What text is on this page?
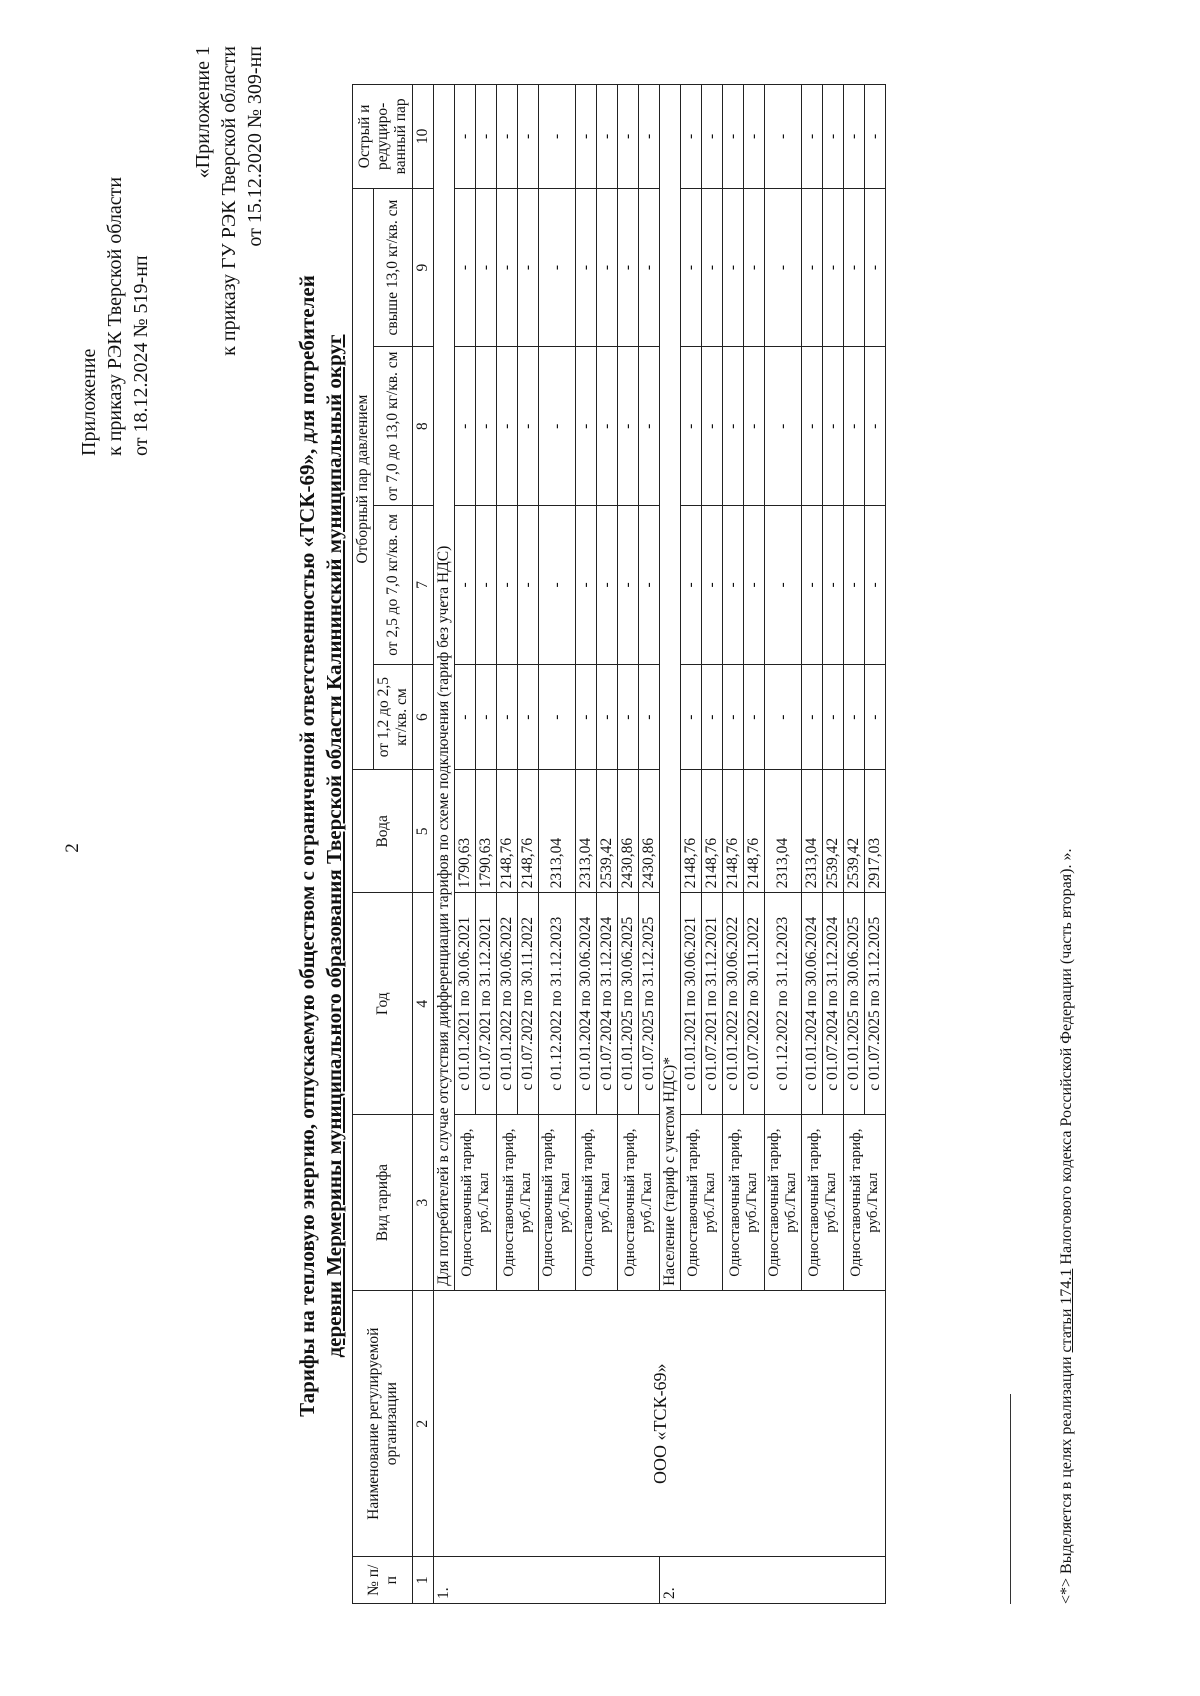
2
Приложение к приказу РЭК Тверской области от 18.12.2024 № 519-нп
«Приложение 1 к приказу ГУ РЭК Тверской области от 15.12.2020 № 309-нп
Тарифы на тепловую энергию, отпускаемую обществом с ограниченной ответственностью «ТСК-69», для потребителей деревни Мермерины муниципального образования Тверской области Калининский муниципальный округ
№ п/ п	Наименование регулируемой организации	Вид тарифа	Год	Вода	Отборный пар давлением				Острый и редуциро-ванный пар
					от 1,2 до 2,5 кг/кв. см	от 2,5 до 7,0 кг/кв. см	от 7,0 до 13,0 кг/кв. см	свыше 13,0 кг/кв. см	
1	2	3	4	5	6	7	8	9	10
1.	ООО «ТСК-69»	Для потребителей в случае отсутствия дифференциации тарифов по схеме подключения (тариф без учета НДС)							
		Одноставочный тариф, руб./Гкал	с 01.01.2021 по 30.06.2021	1790,63	-	-	-	-	-
			с 01.07.2021 по 31.12.2021	1790,63	-	-	-	-	-
		Одноставочный тариф, руб./Гкал	с 01.01.2022 по 30.06.2022	2148,76	-	-	-	-	-
			с 01.07.2022 по 30.11.2022	2148,76	-	-	-	-	-
		Одноставочный тариф, руб./Гкал	с 01.12.2022 по 31.12.2023	2313,04	-	-	-	-	-
		Одноставочный тариф, руб./Гкал	с 01.01.2024 по 30.06.2024	2313,04	-	-	-	-	-
			с 01.07.2024 по 31.12.2024	2539,42	-	-	-	-	-
		Одноставочный тариф, руб./Гкал	с 01.01.2025 по 30.06.2025	2430,86	-	-	-	-	-
			с 01.07.2025 по 31.12.2025	2430,86	-	-	-	-	-
2.		Население (тариф с учетом НДС)*							
		Одноставочный тариф, руб./Гкал	с 01.01.2021 по 30.06.2021	2148,76	-	-	-	-	-
			с 01.07.2021 по 31.12.2021	2148,76	-	-	-	-	-
		Одноставочный тариф, руб./Гкал	с 01.01.2022 по 30.06.2022	2148,76	-	-	-	-	-
			с 01.07.2022 по 30.11.2022	2148,76	-	-	-	-	-
		Одноставочный тариф, руб./Гкал	с 01.12.2022 по 31.12.2023	2313,04	-	-	-	-	-
		Одноставочный тариф, руб./Гкал	с 01.01.2024 по 30.06.2024	2313,04	-	-	-	-	-
			с 01.07.2024 по 31.12.2024	2539,42	-	-	-	-	-
		Одноставочный тариф, руб./Гкал	с 01.01.2025 по 30.06.2025	2539,42	-	-	-	-	-
			с 01.07.2025 по 31.12.2025	2917,03	-	-	-	-	-
<*> Выделяется в целях реализации статьи 174.1 Налогового кодекса Российской Федерации (часть вторая). ».
